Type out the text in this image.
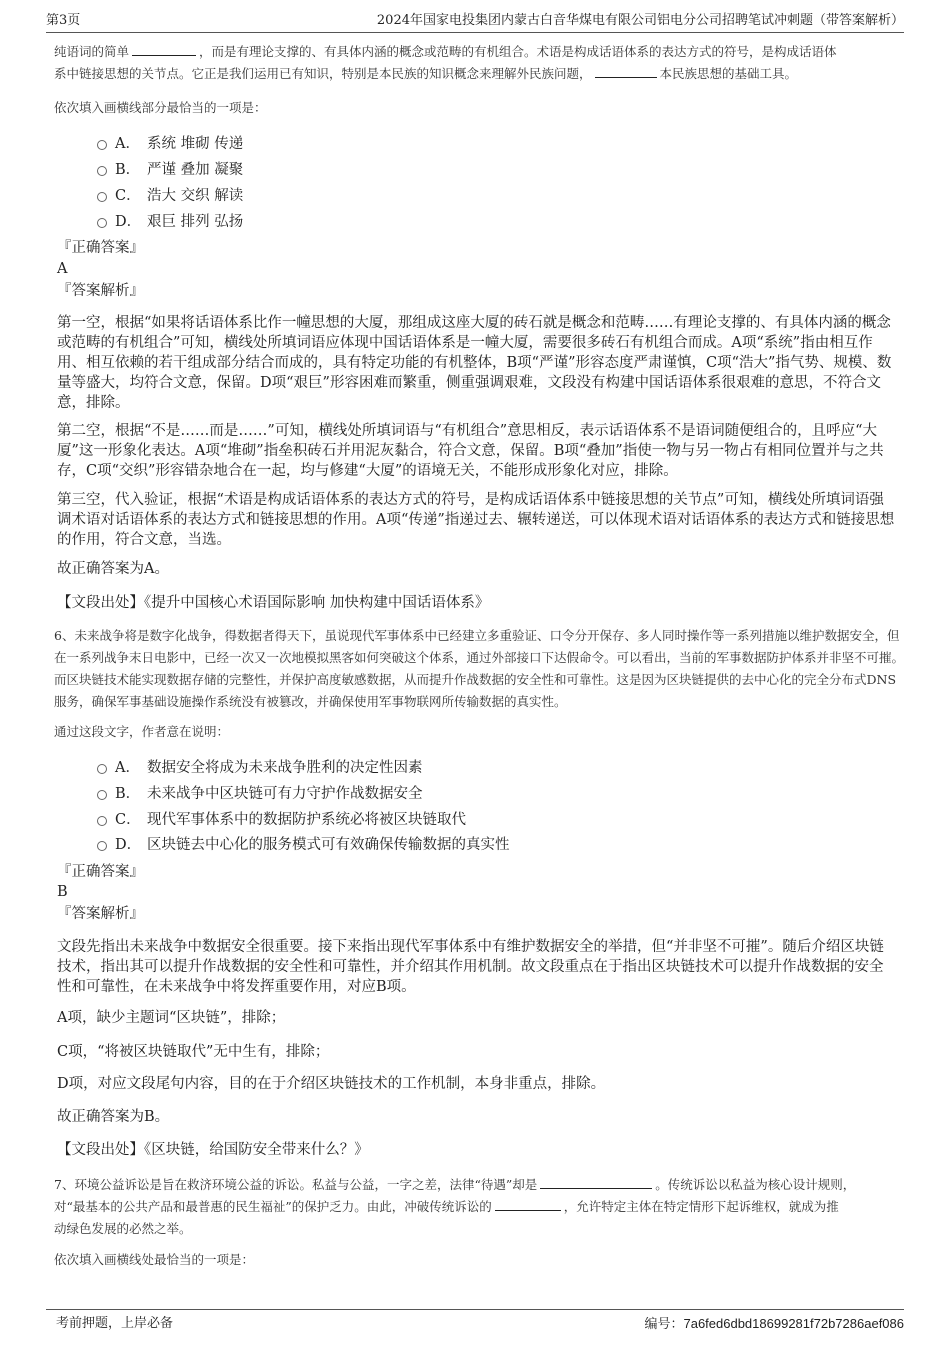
第3页	2024年国家电投集团内蒙古白音华煤电有限公司铝电分公司招聘笔试冲刺题（带答案解析）

纯语词的简单	，而是有理论支撑的、有具体内涵的概念或范畴的有机组合。术语是构成话语体系的表达方式的符号，是构成话语体

系中链接思想的关节点。它正是我们运用已有知识，特别是本民族的知识概念来理解外民族问题，	本民族思想的基础工具。

依次填入画横线部分最恰当的一项是：
A． 系统 堆砌 传递
B． 严谨 叠加 凝聚
C． 浩大 交织 解读
D． 艰巨 排列 弘扬
『正确答案』
A
『答案解析』
第一空，根据“如果将话语体系比作一幢思想的大厦，那组成这座大厦的砖石就是概念和范畴……有理论支撑的、有具体内涵的概念或范畴的有机组合”可知，横线处所填词语应体现中国话语体系是一幢大厦，需要很多砖石有机组合而成。A项“系统”指由相互作用、相互依赖的若干组成部分结合而成的，具有特定功能的有机整体，B项“严谨”形容态度严肃谨慎，C项“浩大”指气势、规模、数量等盛大，均符合文意，保留。D项“艰巨”形容困难而繁重，侧重强调艰难，文段没有构建中国话语体系很艰难的意思，不符合文意，排除。
第二空，根据“不是……而是……”可知，横线处所填词语与“有机组合”意思相反，表示话语体系不是语词随便组合的，且呼应“大厦”这一形象化表达。A项“堆砌”指垒积砖石并用泥灰黏合，符合文意，保留。B项“叠加”指使一物与另一物占有相同位置并与之共存，C项“交织”形容错杂地合在一起，均与修建“大厦”的语境无关，不能形成形象化对应，排除。
第三空，代入验证，根据“术语是构成话语体系的表达方式的符号，是构成话语体系中链接思想的关节点”可知，横线处所填词语强调术语对话语体系的表达方式和链接思想的作用。A项“传递”指递过去、辗转递送，可以体现术语对话语体系的表达方式和链接思想的作用，符合文意，当选。
故正确答案为A。
【文段出处】《提升中国核心术语国际影响 加快构建中国话语体系》
6、未来战争将是数字化战争，得数据者得天下，虽说现代军事体系中已经建立多重验证、口令分开保存、多人同时操作等一系列措施以维护数据安全，但在一系列战争末日电影中，已经一次又一次地模拟黑客如何突破这个体系，通过外部接口下达假命令。可以看出，当前的军事数据防护体系并非坚不可摧。而区块链技术能实现数据存储的完整性，并保护高度敏感数据，从而提升作战数据的安全性和可靠性。这是因为区块链提供的去中心化的完全分布式DNS服务，确保军事基础设施操作系统没有被篡改，并确保使用军事物联网所传输数据的真实性。
通过这段文字，作者意在说明：
A． 数据安全将成为未来战争胜利的决定性因素
B． 未来战争中区块链可有力守护作战数据安全
C． 现代军事体系中的数据防护系统必将被区块链取代
D． 区块链去中心化的服务模式可有效确保传输数据的真实性
『正确答案』
B
『答案解析』
文段先指出未来战争中数据安全很重要。接下来指出现代军事体系中有维护数据安全的举措，但“并非坚不可摧”。随后介绍区块链技术，指出其可以提升作战数据的安全性和可靠性，并介绍其作用机制。故文段重点在于指出区块链技术可以提升作战数据的安全性和可靠性，在未来战争中将发挥重要作用，对应B项。
A项，缺少主题词“区块链”，排除；
C项，“将被区块链取代”无中生有，排除；
D项，对应文段尾句内容，目的在于介绍区块链技术的工作机制，本身非重点，排除。
故正确答案为B。
【文段出处】《区块链，给国防安全带来什么？》

7、环境公益诉讼是旨在救济环境公益的诉讼。私益与公益，一字之差，法律“待遇”却是	。传统诉讼以私益为核心设计规则，

对“最基本的公共产品和最普惠的民生福祉”的保护乏力。由此，冲破传统诉讼的	，允许特定主体在特定情形下起诉维权，就成为推

动绿色发展的必然之举。

依次填入画横线处最恰当的一项是：
考前押题，上岸必备	编号：7a6fed6dbd18699281f72b7286aef086
